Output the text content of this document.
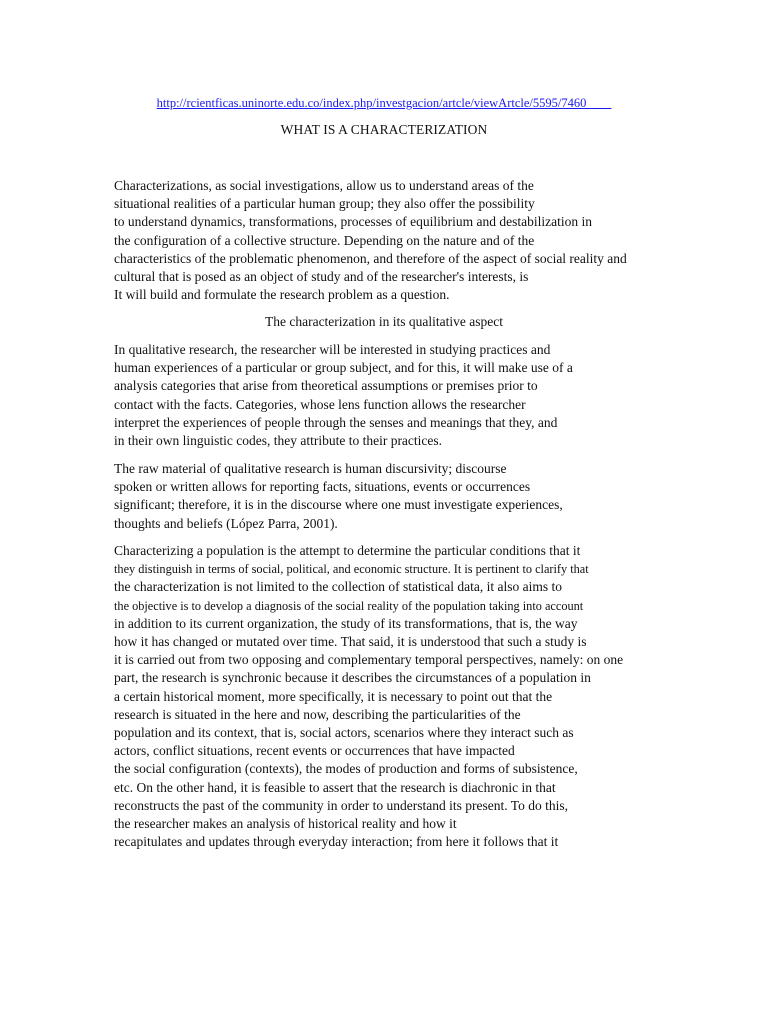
http://rcientficas.uninorte.edu.co/index.php/investgacion/artcle/viewArtcle/5595/7460
WHAT IS A CHARACTERIZATION
Characterizations, as social investigations, allow us to understand areas of the
situational realities of a particular human group; they also offer the possibility
to understand dynamics, transformations, processes of equilibrium and destabilization in
the configuration of a collective structure. Depending on the nature and of the
characteristics of the problematic phenomenon, and therefore of the aspect of social reality and
cultural that is posed as an object of study and of the researcher's interests, is
It will build and formulate the research problem as a question.
The characterization in its qualitative aspect
In qualitative research, the researcher will be interested in studying practices and
human experiences of a particular or group subject, and for this, it will make use of a
analysis categories that arise from theoretical assumptions or premises prior to
contact with the facts. Categories, whose lens function allows the researcher
interpret the experiences of people through the senses and meanings that they, and
in their own linguistic codes, they attribute to their practices.
The raw material of qualitative research is human discursivity; discourse
spoken or written allows for reporting facts, situations, events or occurrences
significant; therefore, it is in the discourse where one must investigate experiences,
thoughts and beliefs (López Parra, 2001).
Characterizing a population is the attempt to determine the particular conditions that it
they distinguish in terms of social, political, and economic structure. It is pertinent to clarify that
the characterization is not limited to the collection of statistical data, it also aims to
the objective is to develop a diagnosis of the social reality of the population taking into account
in addition to its current organization, the study of its transformations, that is, the way
how it has changed or mutated over time. That said, it is understood that such a study is
it is carried out from two opposing and complementary temporal perspectives, namely: on one
part, the research is synchronic because it describes the circumstances of a population in
a certain historical moment, more specifically, it is necessary to point out that the
research is situated in the here and now, describing the particularities of the
population and its context, that is, social actors, scenarios where they interact such as
actors, conflict situations, recent events or occurrences that have impacted
the social configuration (contexts), the modes of production and forms of subsistence,
etc. On the other hand, it is feasible to assert that the research is diachronic in that
reconstructs the past of the community in order to understand its present. To do this,
the researcher makes an analysis of historical reality and how it
recapitulates and updates through everyday interaction; from here it follows that it
